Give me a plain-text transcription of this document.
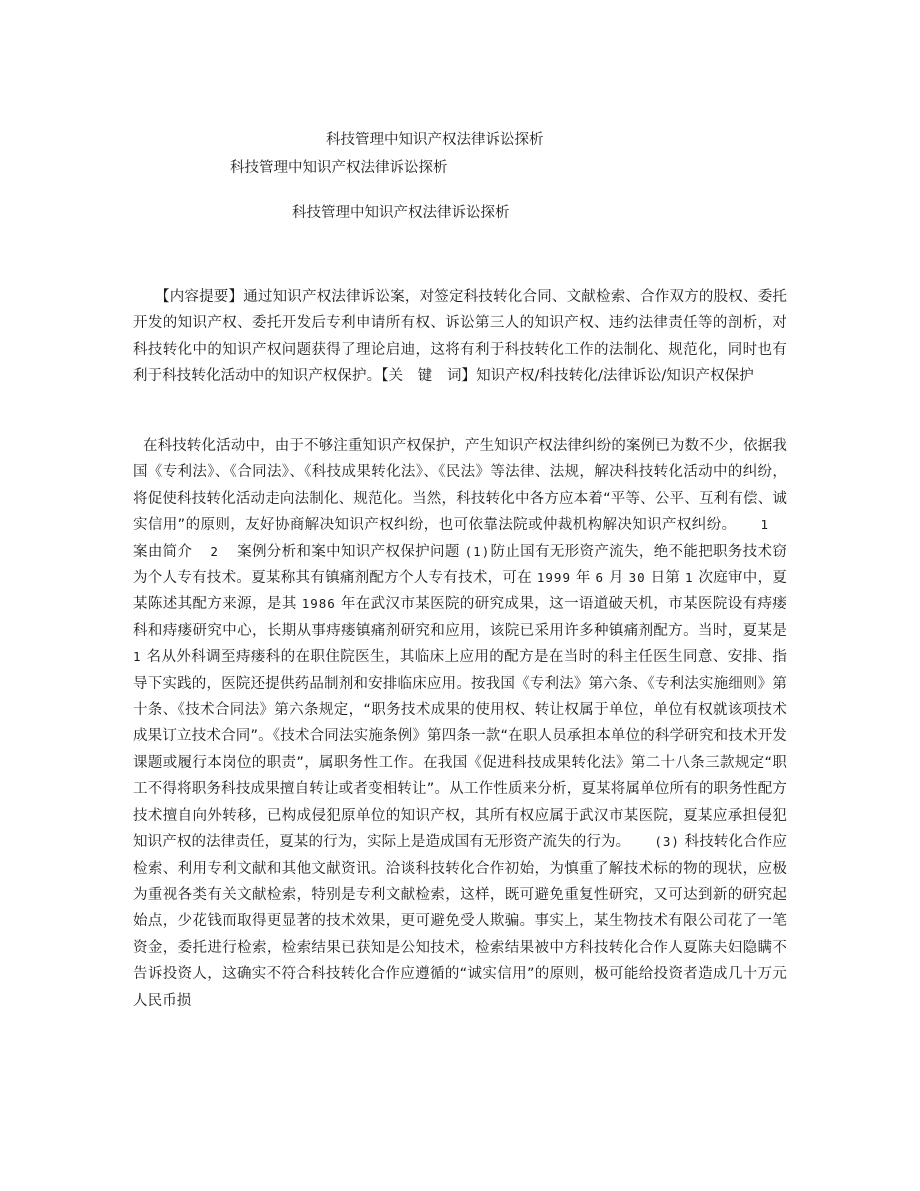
科技管理中知识产权法律诉讼探析
科技管理中知识产权法律诉讼探析
科技管理中知识产权法律诉讼探析
【内容提要】通过知识产权法律诉讼案，对签定科技转化合同、文献检索、合作双方的股权、委托开发的知识产权、委托开发后专利申请所有权、诉讼第三人的知识产权、违约法律责任等的剖析，对科技转化中的知识产权问题获得了理论启迪，这将有利于科技转化工作的法制化、规范化，同时也有利于科技转化活动中的知识产权保护。【关　键　词】知识产权/科技转化/法律诉讼/知识产权保护
在科技转化活动中，由于不够注重知识产权保护，产生知识产权法律纠纷的案例已为数不少，依据我国《专利法》、《合同法》、《科技成果转化法》、《民法》等法律、法规，解决科技转化活动中的纠纷，将促使科技转化活动走向法制化、规范化。当然，科技转化中各方应本着“平等、公平、互利有偿、诚实信用”的原则，友好协商解决知识产权纠纷，也可依靠法院或仲裁机构解决知识产权纠纷。 1案由简介 2 案例分析和案中知识产权保护问题 (1)防止国有无形资产流失，绝不能把职务技术窃为个人专有技术。夏某称其有镇痛剂配方个人专有技术，可在 1999 年 6 月 30 日第 1 次庭审中，夏某陈述其配方来源，是其 1986 年在武汉市某医院的研究成果，这一语道破天机，市某医院设有痔瘘科和痔瘘研究中心，长期从事痔瘘镇痛剂研究和应用，该院已采用许多种镇痛剂配方。当时，夏某是 1 名从外科调至痔瘘科的在职住院医生，其临床上应用的配方是在当时的科主任医生同意、安排、指导下实践的，医院还提供药品制剂和安排临床应用。按我国《专利法》第六条、《专利法实施细则》第十条、《技术合同法》第六条规定，“职务技术成果的使用权、转让权属于单位，单位有权就该项技术成果订立技术合同”。《技术合同法实施条例》第四条一款“在职人员承担本单位的科学研究和技术开发课题或履行本岗位的职责”，属职务性工作。在我国《促进科技成果转化法》第二十八条三款规定“职工不得将职务科技成果擅自转让或者变相转让”。从工作性质来分析，夏某将属单位所有的职务性配方技术擅自向外转移，已构成侵犯原单位的知识产权，其所有权应属于武汉市某医院，夏某应承担侵犯知识产权的法律责任，夏某的行为，实际上是造成国有无形资产流失的行为。 (3) 科技转化合作应检索、利用专利文献和其他文献资讯。洽谈科技转化合作初始，为慎重了解技术标的物的现状，应极为重视各类有关文献检索，特别是专利文献检索，这样，既可避免重复性研究，又可达到新的研究起始点，少花钱而取得更显著的技术效果，更可避免受人欺骗。事实上，某生物技术有限公司花了一笔资金，委托进行检索，检索结果已获知是公知技术，检索结果被中方科技转化合作人夏陈夫妇隐瞒不告诉投资人，这确实不符合科技转化合作应遵循的“诚实信用”的原则，极可能给投资者造成几十万元人民币损
